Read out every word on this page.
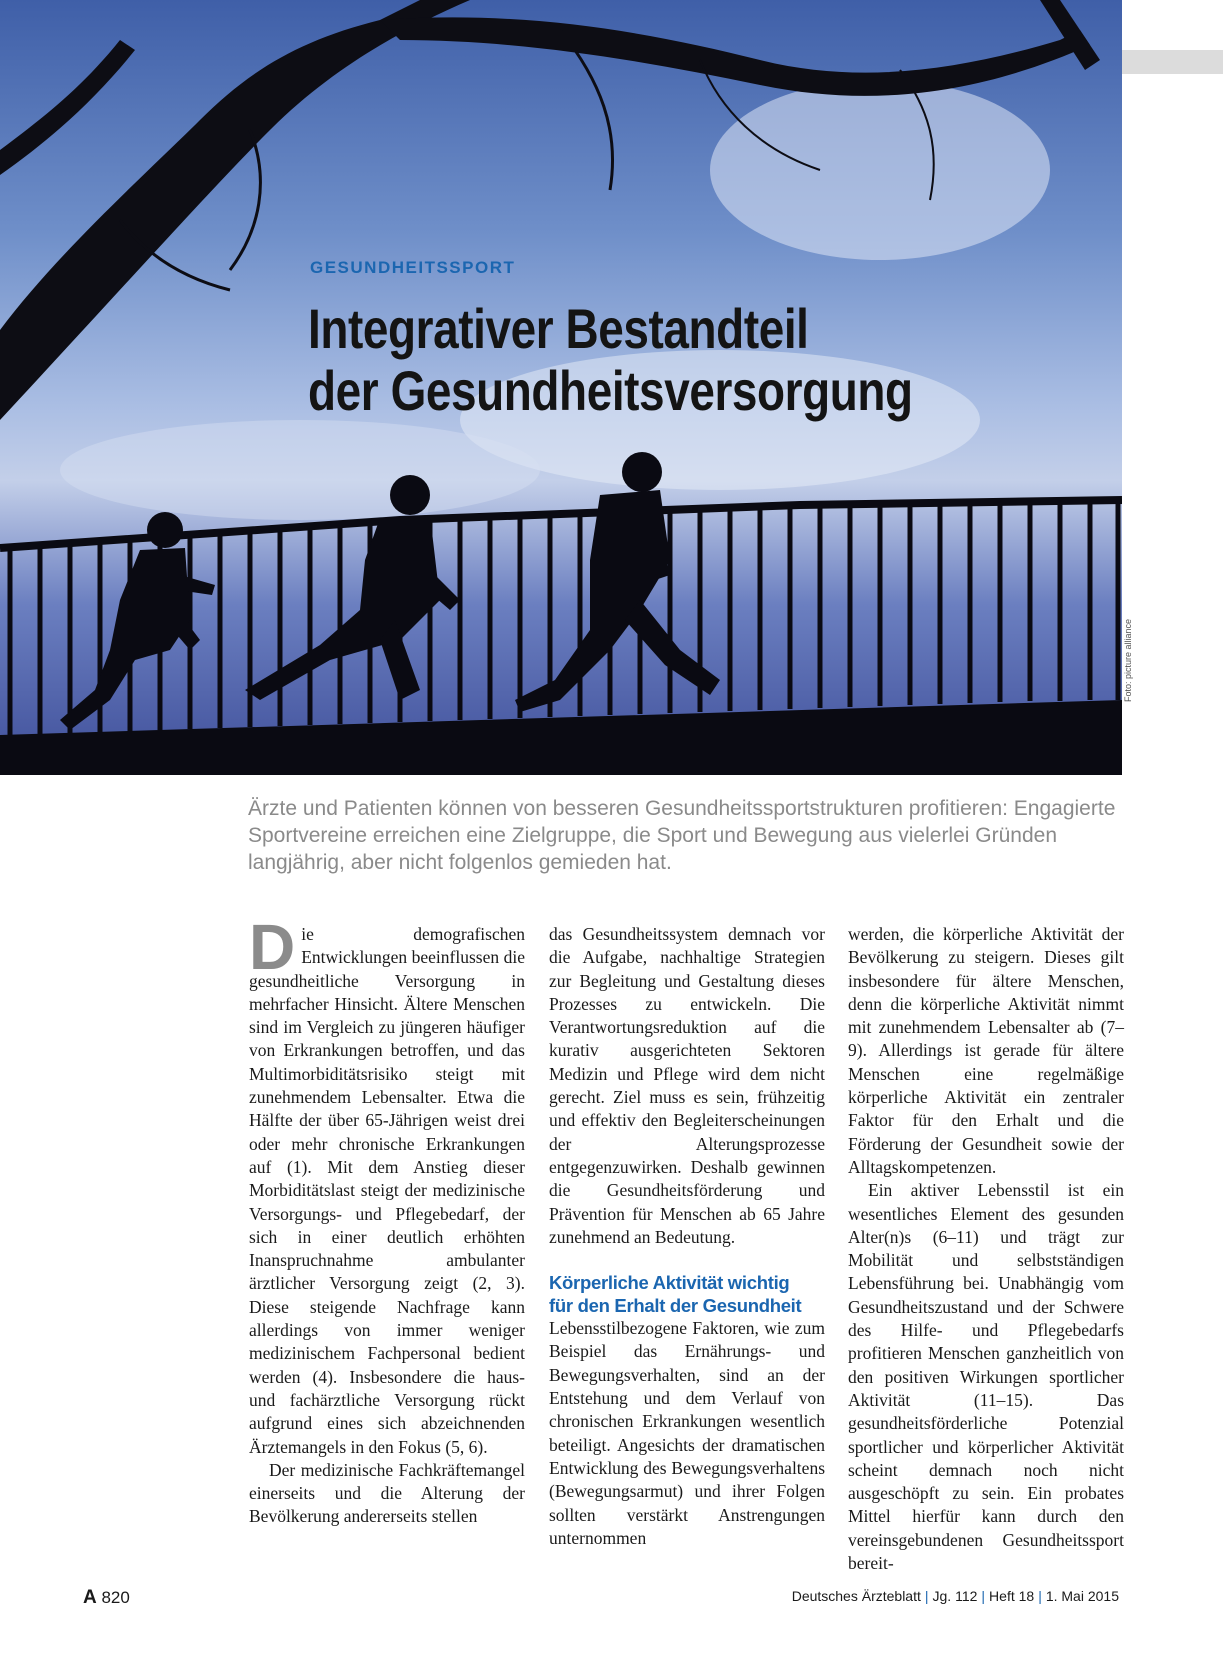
GESUNDHEITSSPORT
Integrativer Bestandteil
der Gesundheitsversorgung
Foto: picture alliance
Ärzte und Patienten können von besseren Gesundheitssportstrukturen profitieren: Engagierte Sportvereine erreichen eine Zielgruppe, die Sport und Bewegung aus vielerlei Gründen langjährig, aber nicht folgenlos gemieden hat.

Die demografischen Entwicklungen beeinflussen die gesundheitliche Versorgung in mehrfacher Hinsicht. Ältere Menschen sind im Vergleich zu jüngeren häufiger von Erkrankungen betroffen, und das Multimorbiditätsrisiko steigt mit zunehmendem Lebensalter. Etwa die Hälfte der über 65-Jährigen weist drei oder mehr chronische Erkrankungen auf (1). Mit dem Anstieg dieser Morbiditätslast steigt der medizinische Versorgungs- und Pflegebedarf, der sich in einer deutlich erhöhten Inanspruchnahme ambulanter ärztlicher Versorgung zeigt (2, 3). Diese steigende Nachfrage kann allerdings von immer weniger medizinischem Fachpersonal bedient werden (4). Insbesondere die haus- und fachärztliche Versorgung rückt aufgrund eines sich abzeichnenden Ärztemangels in den Fokus (5, 6).

Der medizinische Fachkräftemangel einerseits und die Alterung der Bevölkerung andererseits stellen

das Gesundheitssystem demnach vor die Aufgabe, nachhaltige Strategien zur Begleitung und Gestaltung dieses Prozesses zu entwickeln. Die Verantwortungsreduktion auf die kurativ ausgerichteten Sektoren Medizin und Pflege wird dem nicht gerecht. Ziel muss es sein, frühzeitig und effektiv den Begleiterscheinungen der Alterungsprozesse entgegenzuwirken. Deshalb gewinnen die Gesundheitsförderung und Prävention für Menschen ab 65 Jahre zunehmend an Bedeutung.

Körperliche Aktivität wichtig
für den Erhalt der Gesundheit

Lebensstilbezogene Faktoren, wie zum Beispiel das Ernährungs- und Bewegungsverhalten, sind an der Entstehung und dem Verlauf von chronischen Erkrankungen wesentlich beteiligt. Angesichts der dramatischen Entwicklung des Bewegungsverhaltens (Bewegungsarmut) und ihrer Folgen sollten verstärkt Anstrengungen unternommen

werden, die körperliche Aktivität der Bevölkerung zu steigern. Dieses gilt insbesondere für ältere Menschen, denn die körperliche Aktivität nimmt mit zunehmendem Lebensalter ab (7–9). Allerdings ist gerade für ältere Menschen eine regelmäßige körperliche Aktivität ein zentraler Faktor für den Erhalt und die Förderung der Gesundheit sowie der Alltagskompetenzen.

Ein aktiver Lebensstil ist ein wesentliches Element des gesunden Alter(n)s (6–11) und trägt zur Mobilität und selbstständigen Lebensführung bei. Unabhängig vom Gesundheitszustand und der Schwere des Hilfe- und Pflegebedarfs profitieren Menschen ganzheitlich von den positiven Wirkungen sportlicher Aktivität (11–15). Das gesundheitsförderliche Potenzial sportlicher und körperlicher Aktivität scheint demnach noch nicht ausgeschöpft zu sein. Ein probates Mittel hierfür kann durch den vereinsgebundenen Gesundheitssport bereit-

A 820	Deutsches Ärzteblatt | Jg. 112 | Heft 18 | 1. Mai 2015
